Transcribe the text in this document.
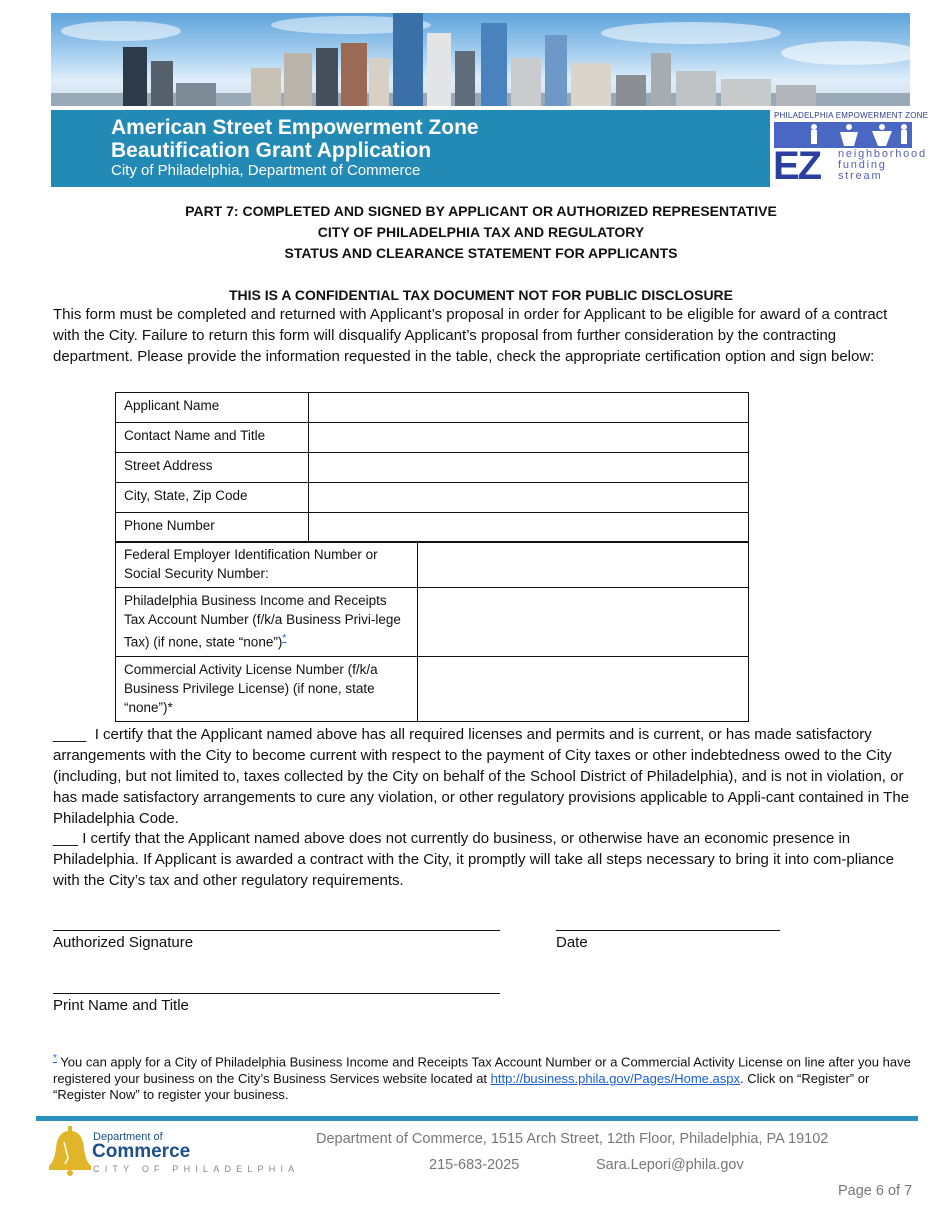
American Street Empowerment Zone
Beautification Grant Application
City of Philadelphia, Department of Commerce
PHILADELPHIA EMPOWERMENT ZONE
EZ neighborhood
funding
stream
PART 7: COMPLETED AND SIGNED BY APPLICANT OR AUTHORIZED REPRESENTATIVE
CITY OF PHILADELPHIA TAX AND REGULATORY
STATUS AND CLEARANCE STATEMENT FOR APPLICANTS
THIS IS A CONFIDENTIAL TAX DOCUMENT NOT FOR PUBLIC DISCLOSURE
This form must be completed and returned with Applicant’s proposal in order for Applicant to be eligible for award of a contract with the City. Failure to return this form will disqualify Applicant’s proposal from further consideration by the contracting department. Please provide the information requested in the table, check the appropriate certification option and sign below:
Applicant Name	
Contact Name and Title	
Street Address	
City, State, Zip Code	
Phone Number	
Federal Employer Identification Number or Social Security Number:	
Philadelphia Business Income and Receipts Tax Account Number (f/k/a Business Privi-lege Tax) (if none, state “none”)*	
Commercial Activity License Number (f/k/a Business Privilege License) (if none, state “none”)*	
____ I certify that the Applicant named above has all required licenses and permits and is current, or has made satisfactory arrangements with the City to become current with respect to the payment of City taxes or other indebtedness owed to the City (including, but not limited to, taxes collected by the City on behalf of the School District of Philadelphia), and is not in violation, or has made satisfactory arrangements to cure any violation, or other regulatory provisions applicable to Appli-cant contained in The Philadelphia Code.
___ I certify that the Applicant named above does not currently do business, or otherwise have an economic presence in Philadelphia. If Applicant is awarded a contract with the City, it promptly will take all steps necessary to bring it into com-pliance with the City’s tax and other regulatory requirements.
Authorized Signature	Date
Print Name and Title
* You can apply for a City of Philadelphia Business Income and Receipts Tax Account Number or a Commercial Activity License on line after you have registered your business on the City’s Business Services website located at http://business.phila.gov/Pages/Home.aspx. Click on “Register” or “Register Now” to register your business.
Department of
Commerce
CITY OF PHILADELPHIA
Department of Commerce, 1515 Arch Street, 12th Floor, Philadelphia, PA 19102
215-683-2025	Sara.Lepori@phila.gov
Page 6 of 7
